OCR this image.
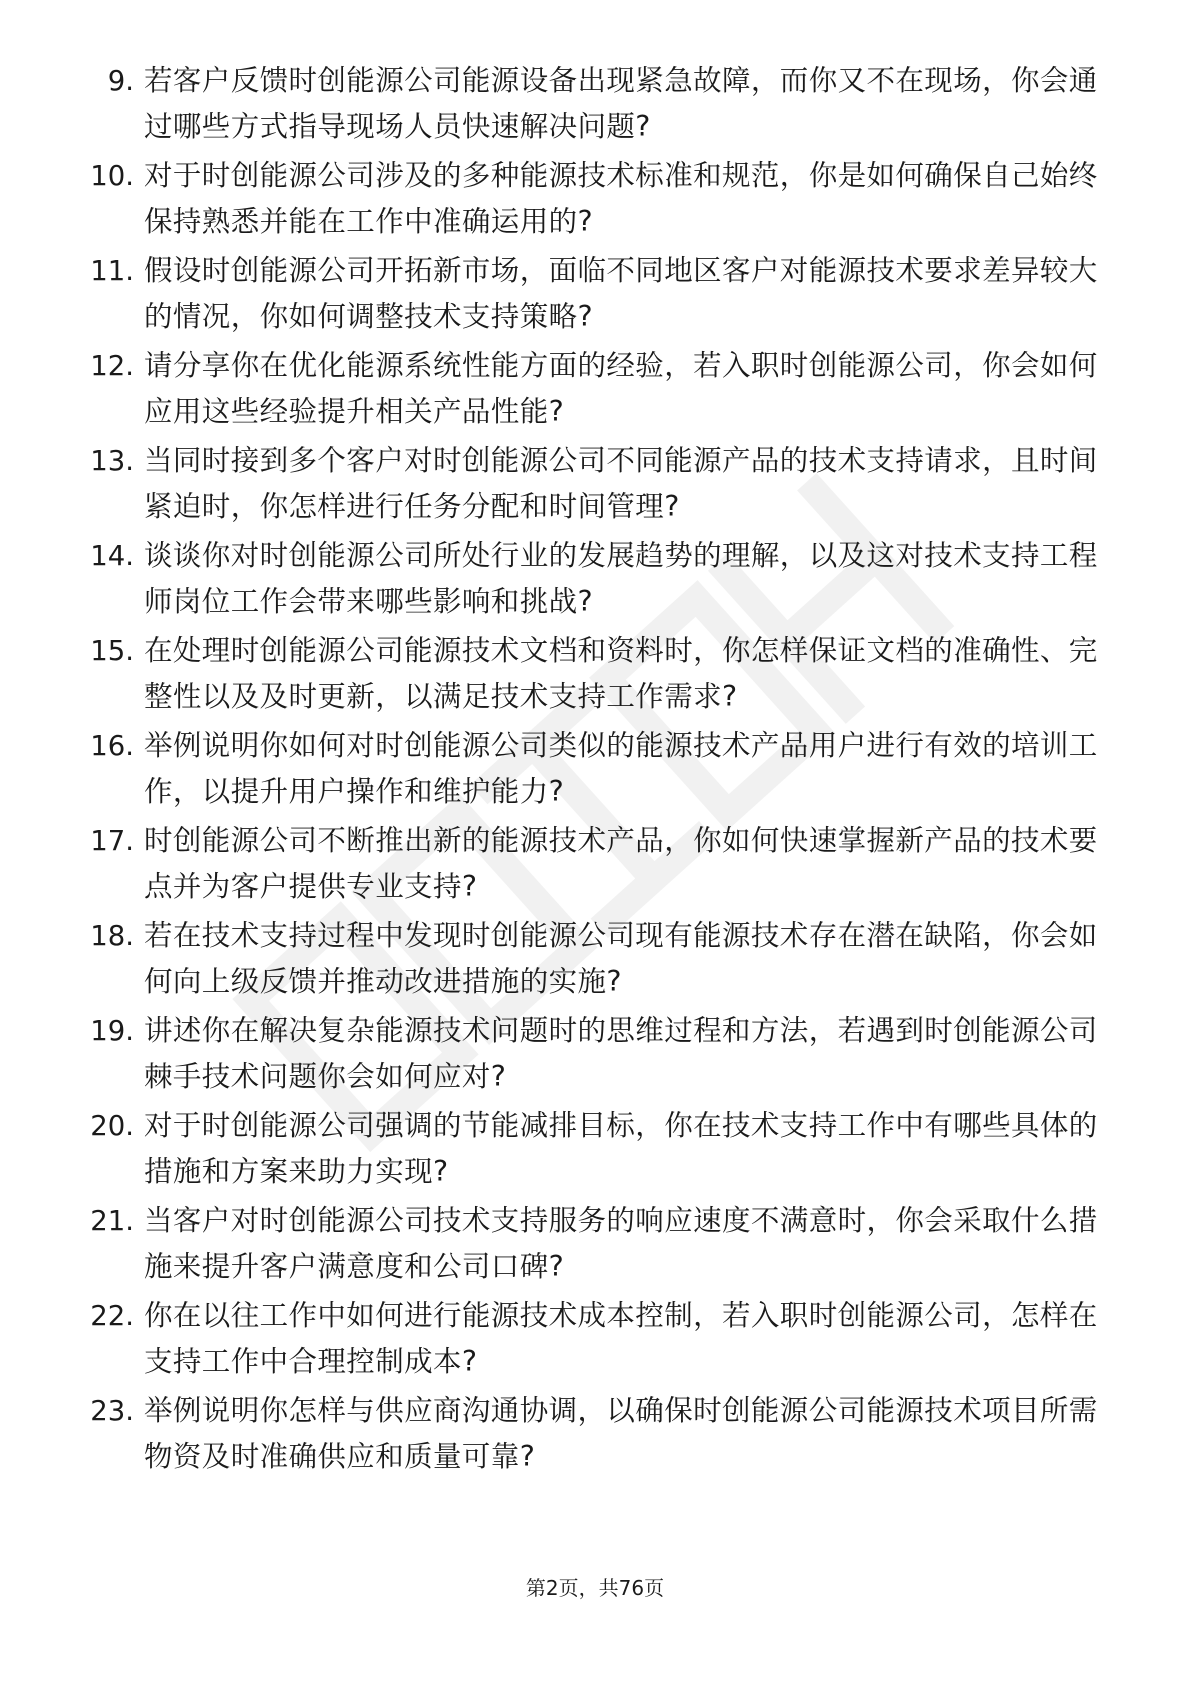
9. 若客户反馈时创能源公司能源设备出现紧急故障，而你又不在现场，你会通过哪些方式指导现场人员快速解决问题?
10. 对于时创能源公司涉及的多种能源技术标准和规范，你是如何确保自己始终保持熟悉并能在工作中准确运用的?
11. 假设时创能源公司开拓新市场，面临不同地区客户对能源技术要求差异较大的情况，你如何调整技术支持策略?
12. 请分享你在优化能源系统性能方面的经验，若入职时创能源公司，你会如何应用这些经验提升相关产品性能?
13. 当同时接到多个客户对时创能源公司不同能源产品的技术支持请求，且时间紧迫时，你怎样进行任务分配和时间管理?
14. 谈谈你对时创能源公司所处行业的发展趋势的理解，以及这对技术支持工程师岗位工作会带来哪些影响和挑战?
15. 在处理时创能源公司能源技术文档和资料时，你怎样保证文档的准确性、完整性以及及时更新，以满足技术支持工作需求?
16. 举例说明你如何对时创能源公司类似的能源技术产品用户进行有效的培训工作，以提升用户操作和维护能力?
17. 时创能源公司不断推出新的能源技术产品，你如何快速掌握新产品的技术要点并为客户提供专业支持?
18. 若在技术支持过程中发现时创能源公司现有能源技术存在潜在缺陷，你会如何向上级反馈并推动改进措施的实施?
19. 讲述你在解决复杂能源技术问题时的思维过程和方法，若遇到时创能源公司棘手技术问题你会如何应对?
20. 对于时创能源公司强调的节能减排目标，你在技术支持工作中有哪些具体的措施和方案来助力实现?
21. 当客户对时创能源公司技术支持服务的响应速度不满意时，你会采取什么措施来提升客户满意度和公司口碑?
22. 你在以往工作中如何进行能源技术成本控制，若入职时创能源公司，怎样在支持工作中合理控制成本?
23. 举例说明你怎样与供应商沟通协调，以确保时创能源公司能源技术项目所需物资及时准确供应和质量可靠?
第2页，共76页
